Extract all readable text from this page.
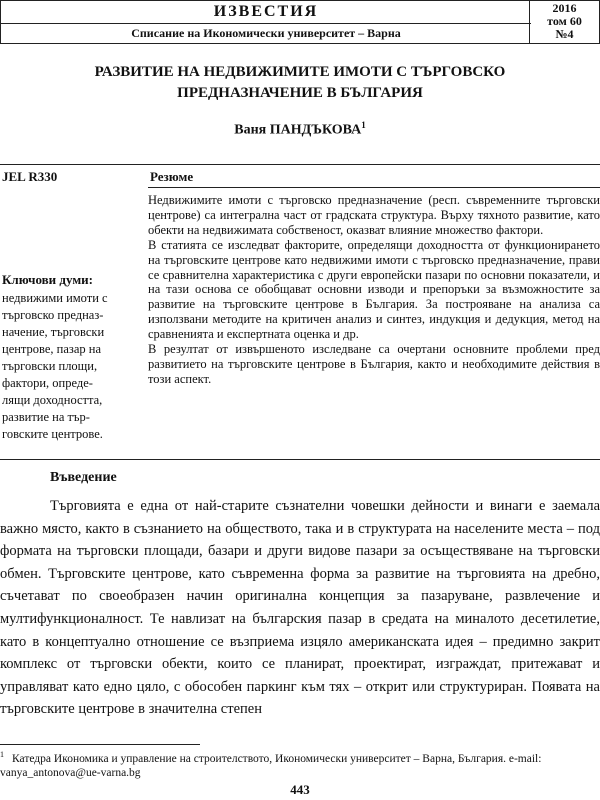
ИЗВЕСТИЯ
Списание на Икономически университет – Варна
2016
том 60
№4
РАЗВИТИЕ НА НЕДВИЖИМИТЕ ИМОТИ С ТЪРГОВСКО ПРЕДНАЗНАЧЕНИЕ В БЪЛГАРИЯ
Ваня ПАНДЪКОВА$^1$
JEL R330	Резюме
Ключови думи:
недвижими имоти с
търговско предназ-
начение, търговски
центрове, пазар на
търговски площи,
фактори, опреде-
лящи доходността,
развитие на тър-
говските центрове.

Недвижимите имоти с търговско предназначение (респ. съвременните търговски центрове) са интегрална част от градската структура. Върху тяхното развитие, като обекти на недвижимата собственост, оказват влияние множество фактори.

В статията се изследват факторите, определящи доходността от функционирането на търговските центрове като недвижими имоти с търговско предназначение, прави се сравнителна характеристика с други европейски пазари по основни показатели, и на тази основа се обобщават основни изводи и препоръки за възможностите за развитие на търговските центрове в България. За построяване на анализа са използвани методите на критичен анализ и синтез, индукция и дедукция, метод на сравненията и експертната оценка и др.

В резултат от извършеното изследване са очертани основните проблеми пред развитието на търговските центрове в България, както и необходимите действия в този аспект.

Въведение

Търговията е една от най-старите съзнателни човешки дейности и винаги е заемала важно място, както в съзнанието на обществото, така и в структурата на населените места – под формата на търговски площади, базари и други видове пазари за осъществяване на търговски обмен. Търговските центрове, като съвременна форма за развитие на търговията на дребно, съчетават по своеобразен начин оригинална концепция за пазаруване, развлечение и мултифункционалност. Те навлизат на българския пазар в средата на миналото десетилетие, като в концептуално отношение се възприема изцяло американската идея – предимно закрит комплекс от търговски обекти, които се планират, проектират, изграждат, притежават и управляват като едно цяло, с обособен паркинг към тях – открит или структуриран. Появата на търговските центрове в значителна степен

$^1$ Катедра Икономика и управление на строителството, Икономически университет – Варна, България. e-mail: vanya_antonova@ue-varna.bg
443
